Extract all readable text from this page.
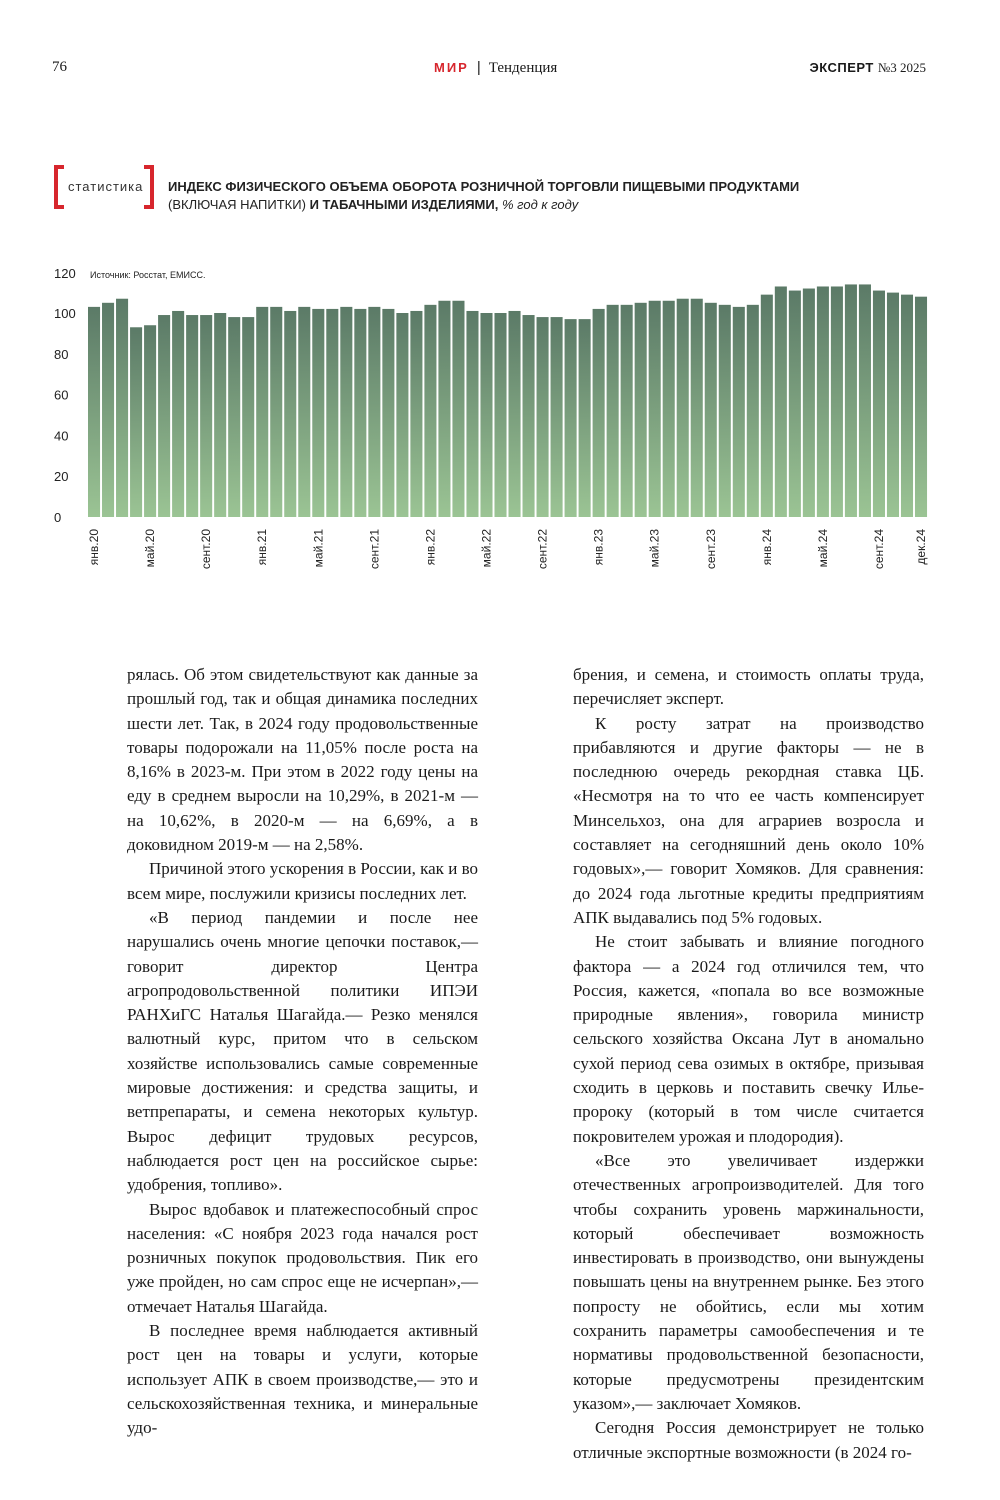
76	МИР | Тенденция	ЭКСПЕРТ №3 2025
статистика ИНДЕКС ФИЗИЧЕСКОГО ОБЪЕМА ОБОРОТА РОЗНИЧНОЙ ТОРГОВЛИ ПИЩЕВЫМИ ПРОДУКТАМИ
(ВКЛЮЧАЯ НАПИТКИ) И ТАБАЧНЫМИ ИЗДЕЛИЯМИ, % год к году
0
20
40
60
80
100
120 Источник: Росстат, ЕМИСС.
янв.20	май.20	сент.20	янв.21	май.21	сент.21	янв.22	май.22	сент.22	янв.23	май.23	сент.23	янв.24	май.24	сент.24 дек.24

рялась. Об этом свидетельствуют как данные за прошлый год, так и общая динамика последних шести лет. Так, в 2024 году продовольственные товары подорожали на 11,05% после роста на 8,16% в 2023-м. При этом в 2022 году цены на еду в среднем выросли на 10,29%, в 2021-м — на 10,62%, в 2020-м — на 6,69%, а в доковидном 2019-м — на 2,58%.

Причиной этого ускорения в России, как и во всем мире, послужили кризисы последних лет.

«В период пандемии и после нее нарушались очень многие цепочки поставок,— говорит директор Центра агропродовольственной политики ИПЭИ РАНХиГС Наталья Шагайда.— Резко менялся валютный курс, притом что в сельском хозяйстве использовались самые современные мировые достижения: и средства защиты, и ветпрепараты, и семена некоторых культур. Вырос дефицит трудовых ресурсов, наблюдается рост цен на российское сырье: удобрения, топливо».

Вырос вдобавок и платежеспособный спрос населения: «С ноября 2023 года начался рост розничных покупок продовольствия. Пик его уже пройден, но сам спрос еще не исчерпан»,— отмечает Наталья Шагайда.

В последнее время наблюдается активный рост цен на товары и услуги, которые использует АПК в своем производстве,— это и сельскохозяйственная техника, и минеральные удо-

брения, и семена, и стоимость оплаты труда, перечисляет эксперт.

К росту затрат на производство прибавляются и другие факторы — не в последнюю очередь рекордная ставка ЦБ. «Несмотря на то что ее часть компенсирует Минсельхоз, она для аграриев возросла и составляет на сегодняшний день около 10% годовых»,— говорит Хомяков. Для сравнения: до 2024 года льготные кредиты предприятиям АПК выдавались под 5% годовых.

Не стоит забывать и влияние погодного фактора — а 2024 год отличился тем, что Россия, кажется, «попала во все возможные природные явления», говорила министр сельского хозяйства Оксана Лут в аномально сухой период сева озимых в октябре, призывая сходить в церковь и поставить свечку Илье-пророку (который в том числе считается покровителем урожая и плодородия).

«Все это увеличивает издержки отечественных агропроизводителей. Для того чтобы сохранить уровень маржинальности, который обеспечивает возможность инвестировать в производство, они вынуждены повышать цены на внутреннем рынке. Без этого попросту не обойтись, если мы хотим сохранить параметры самообеспечения и те нормативы продовольственной безопасности, которые предусмотрены президентским указом»,— заключает Хомяков.

Сегодня Россия демонстрирует не только отличные экспортные возможности (в 2024 го-
